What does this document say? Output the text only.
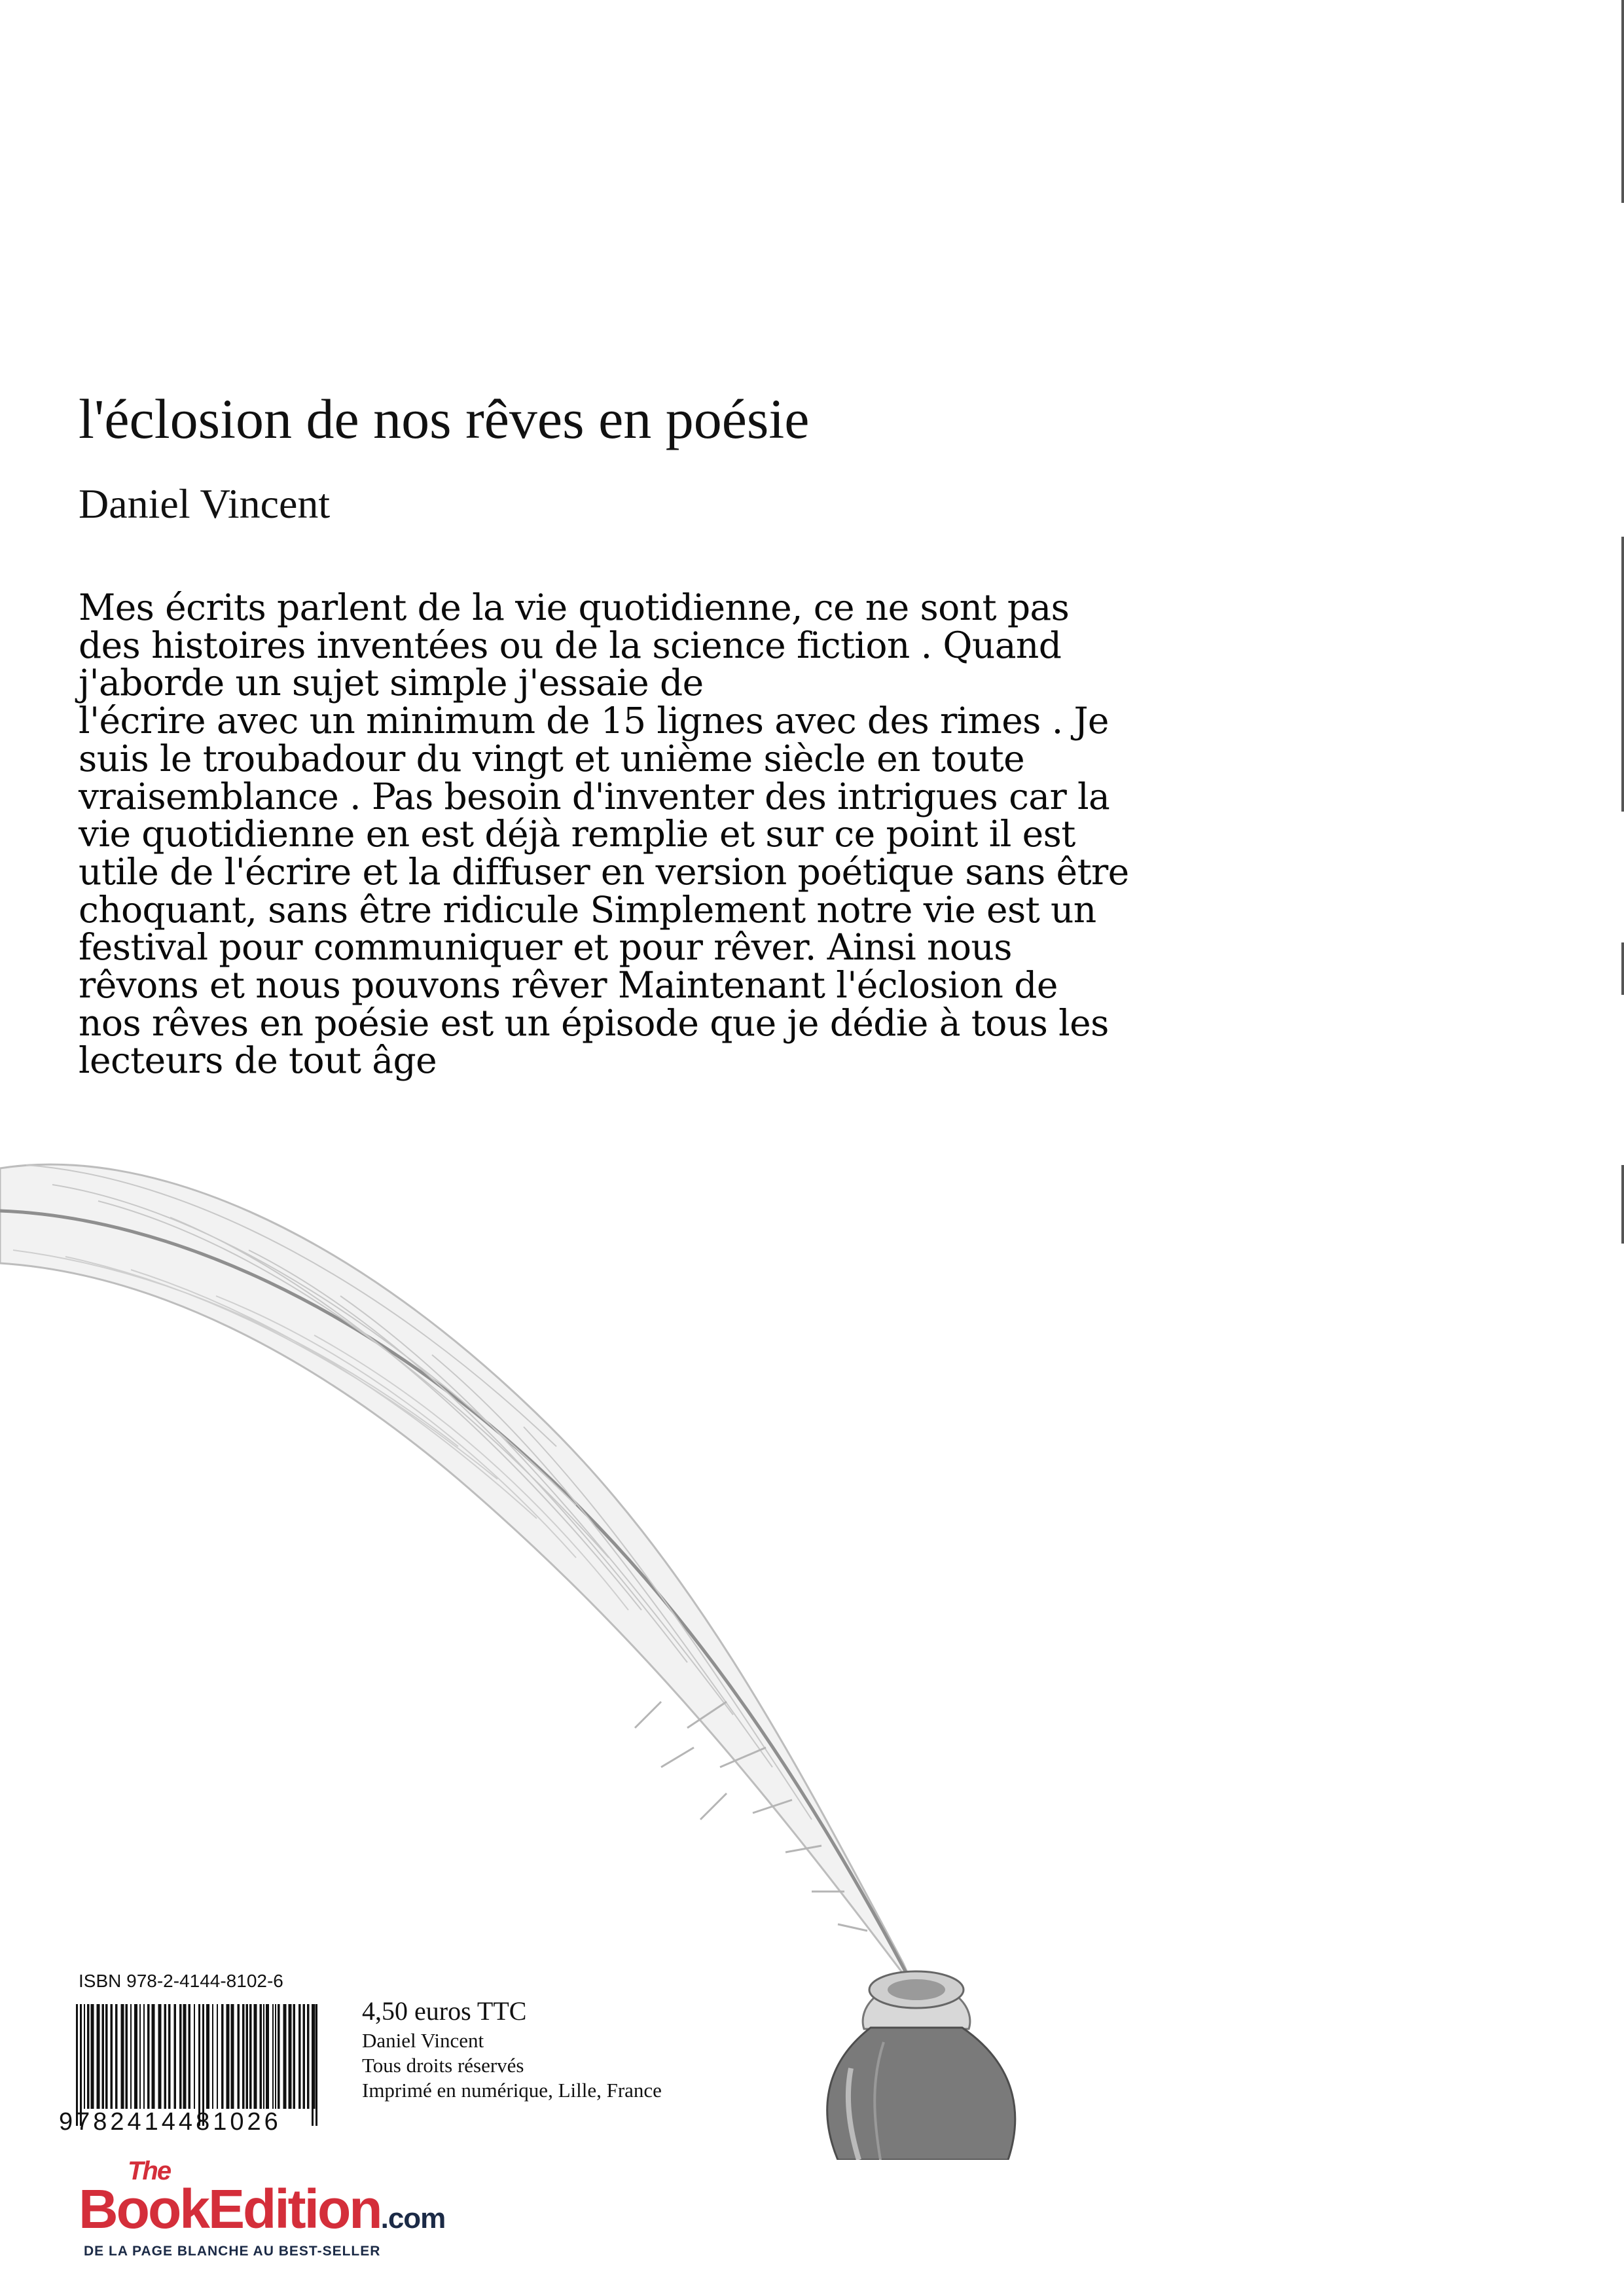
l'éclosion de nos rêves en poésie
Daniel Vincent

Mes écrits parlent de la vie quotidienne, ce ne sont pas
des histoires inventées ou de la science fiction . Quand
j'aborde un sujet simple j'essaie de
l'écrire avec un minimum de 15 lignes avec des rimes . Je
suis le troubadour du vingt et unième siècle en toute
vraisemblance . Pas besoin d'inventer des intrigues car la
vie quotidienne en est déjà remplie et sur ce point il est
utile de l'écrire et la diffuser en version poétique sans être
choquant, sans être ridicule Simplement notre vie est un
festival pour communiquer et pour rêver. Ainsi nous
rêvons et nous pouvons rêver Maintenant l'éclosion de
nos rêves en poésie est un épisode que je dédie à tous les
lecteurs de tout âge

ISBN 978-2-4144-8102-6
9782414481026
4,50 euros TTC
Daniel Vincent
Tous droits réservés
Imprimé en numérique, Lille, France
The
BookEdition.com
DE LA PAGE BLANCHE AU BEST-SELLER
